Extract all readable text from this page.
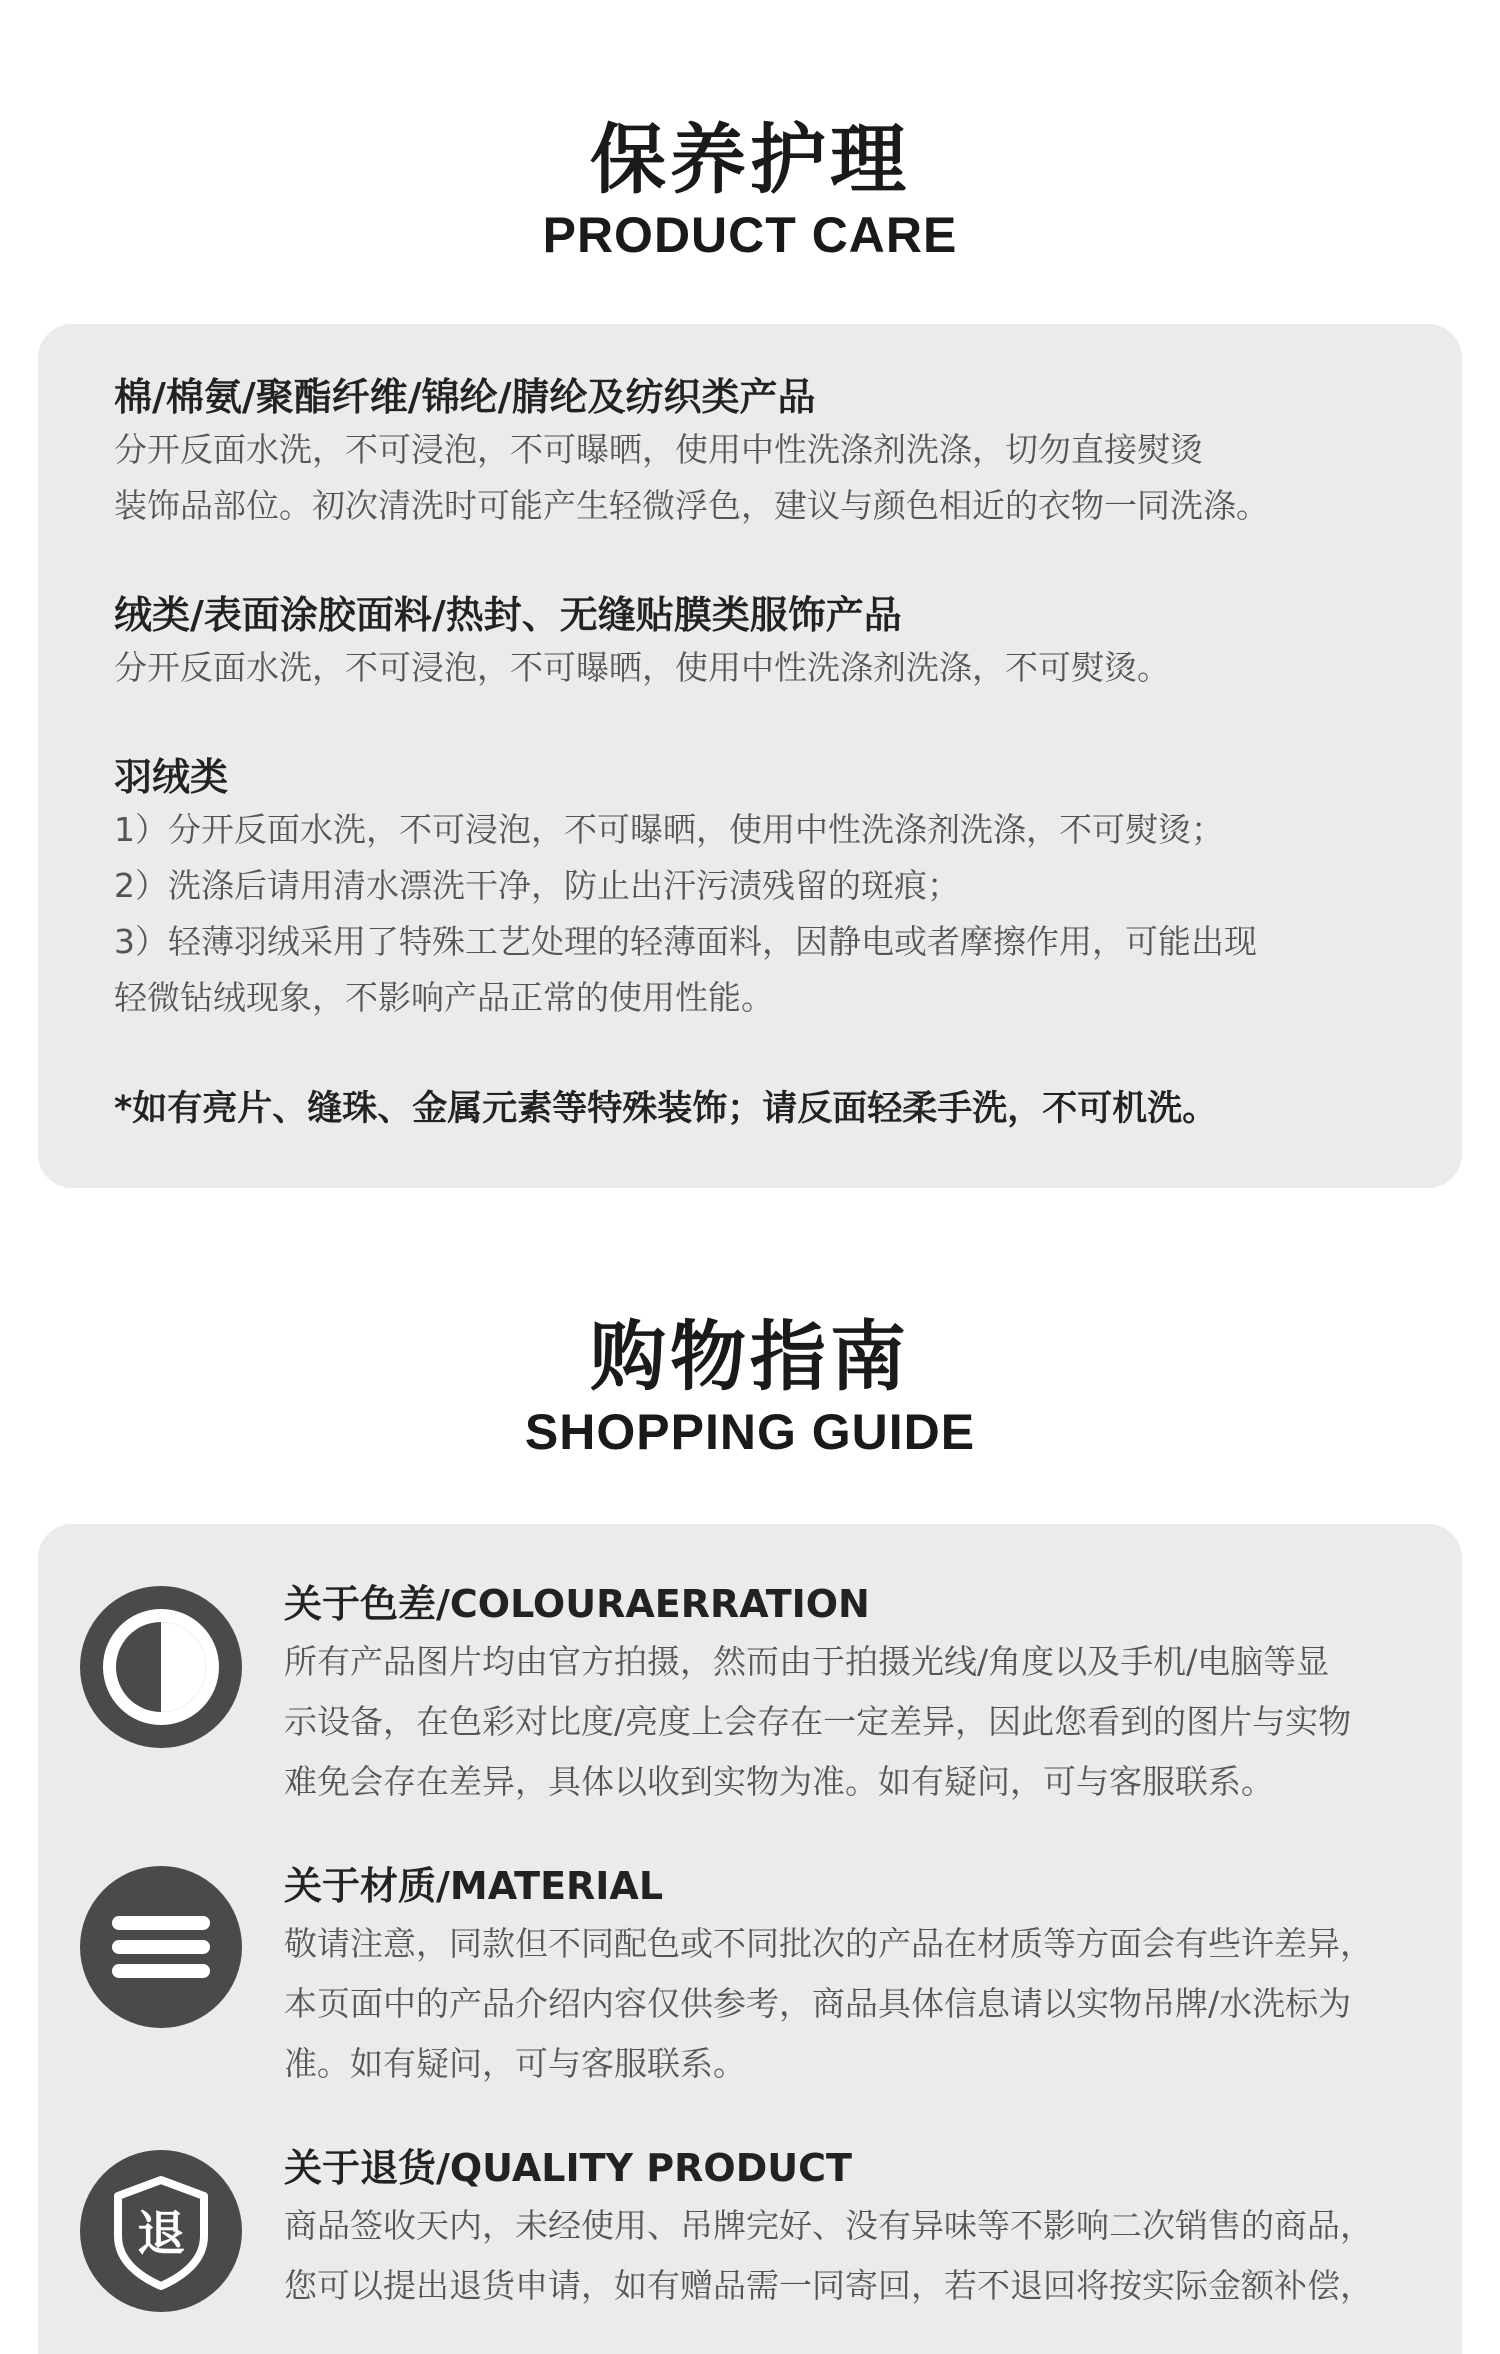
保养护理
PRODUCT CARE

棉/棉氨/聚酯纤维/锦纶/腈纶及纺织类产品

分开反面水洗，不可浸泡，不可曝晒，使用中性洗涤剂洗涤，切勿直接熨烫

装饰品部位。初次清洗时可能产生轻微浮色，建议与颜色相近的衣物一同洗涤。

绒类/表面涂胶面料/热封、无缝贴膜类服饰产品

分开反面水洗，不可浸泡，不可曝晒，使用中性洗涤剂洗涤，不可熨烫。

羽绒类

1）分开反面水洗，不可浸泡，不可曝晒，使用中性洗涤剂洗涤，不可熨烫；

2）洗涤后请用清水漂洗干净，防止出汗污渍残留的斑痕；

3）轻薄羽绒采用了特殊工艺处理的轻薄面料，因静电或者摩擦作用，可能出现

轻微钻绒现象，不影响产品正常的使用性能。

*如有亮片、缝珠、金属元素等特殊装饰；请反面轻柔手洗，不可机洗。
购物指南
SHOPPING GUIDE

关于色差/COLOURAERRATION

所有产品图片均由官方拍摄，然而由于拍摄光线/角度以及手机/电脑等显

示设备，在色彩对比度/亮度上会存在一定差异，因此您看到的图片与实物

难免会存在差异，具体以收到实物为准。如有疑问，可与客服联系。

关于材质/MATERIAL

敬请注意，同款但不同配色或不同批次的产品在材质等方面会有些许差异，

本页面中的产品介绍内容仅供参考，商品具体信息请以实物吊牌/水洗标为

准。如有疑问，可与客服联系。

退

关于退货/QUALITY PRODUCT

商品签收天内，未经使用、吊牌完好、没有异味等不影响二次销售的商品，

您可以提出退货申请，如有赠品需一同寄回，若不退回将按实际金额补偿，
